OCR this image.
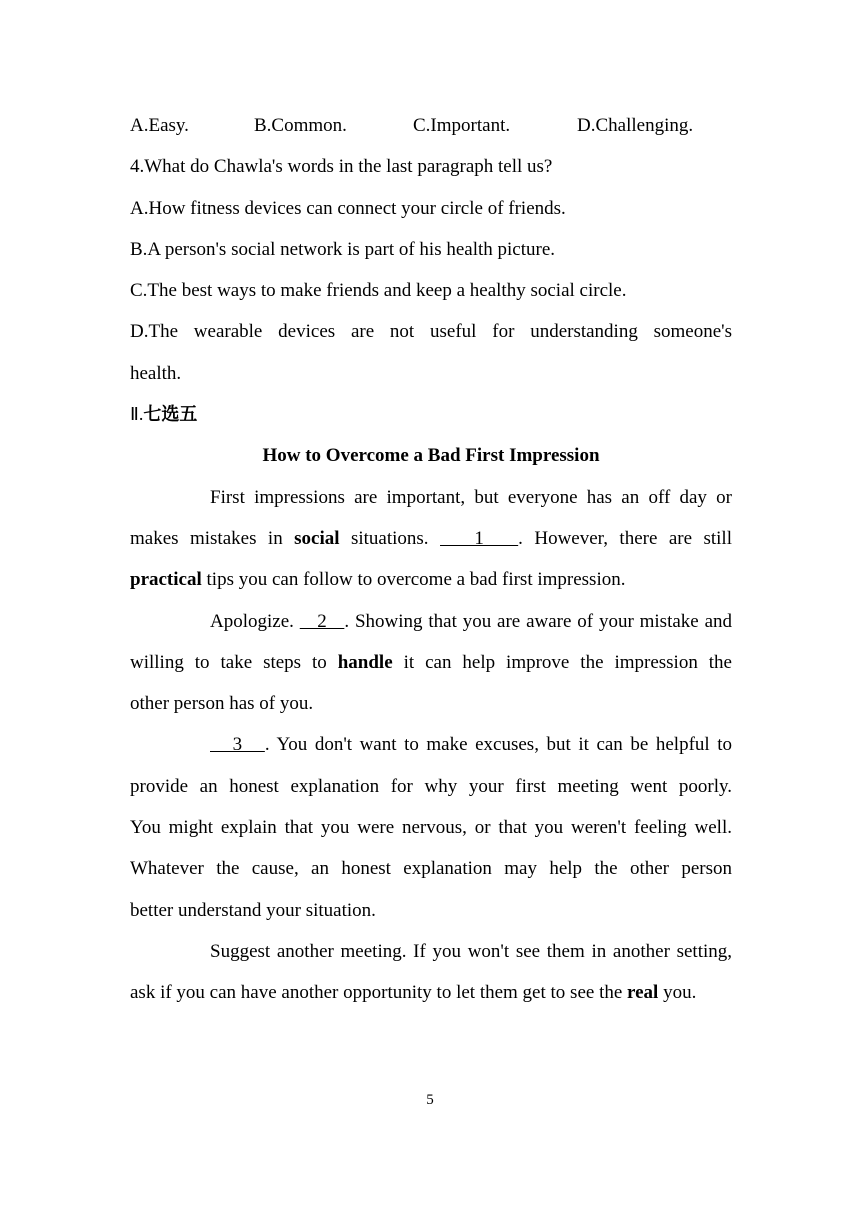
A.Easy.	B.Common.	C.Important.	D.Challenging.
4.What do Chawla's words in the last paragraph tell us?
A.How fitness devices can connect your circle of friends.
B.A person's social network is part of his health picture.
C.The best ways to make friends and keep a healthy social circle.
D.The wearable devices are not useful for understanding someone's
health.
Ⅱ.七选五
How to Overcome a Bad First Impression
First impressions are important, but everyone has an off day or
makes mistakes in social situations.    1   . However, there are still
practical tips you can follow to overcome a bad first impression.
Apologize.    2   . Showing that you are aware of your mistake and
willing to take steps to handle it can help improve the impression the
other person has of you.
3   . You don't want to make excuses, but it can be helpful to
provide an honest explanation for why your first meeting went poorly.
You might explain that you were nervous, or that you weren't feeling well.
Whatever the cause, an honest explanation may help the other person
better understand your situation.
Suggest another meeting. If you won't see them in another setting,
ask if you can have another opportunity to let them get to see the real you.
5
